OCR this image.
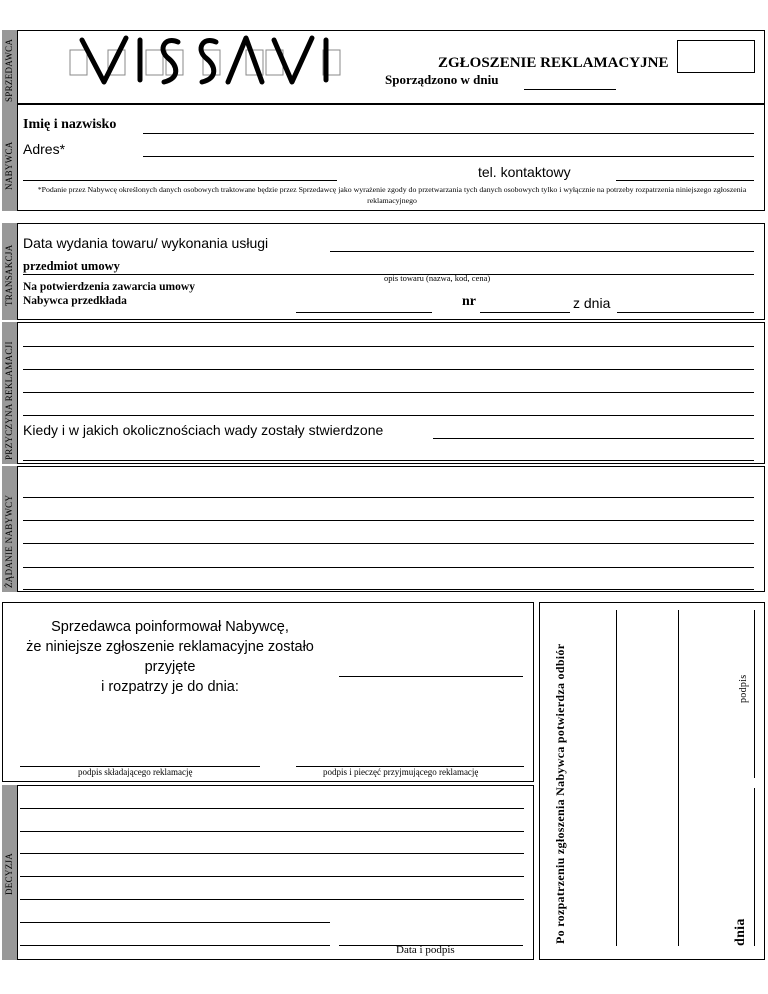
SPRZEDAWCA	ZGŁOSZENIE REKLAMACYJNE
Sporządzono w dniu
NABYWCA
Imię i nazwisko
Adres*
tel. kontaktowy
*Podanie przez Nabywcę określonych danych osobowych traktowane będzie przez Sprzedawcę jako wyrażenie zgody do przetwarzania tych danych osobowych tylko i wyłącznie na potrzeby rozpatrzenia niniejszego zgłoszenia reklamacyjnego
TRANSAKCJA
Data wydania towaru/ wykonania usługi
przedmiot umowy
opis towaru (nazwa, kod, cena)
Na potwierdzenia zawarcia umowy
Nabywca przedkłada	nr	z dnia
PRZYCZYNA REKLAMACJI Kiedy i w jakich okolicznościach wady zostały stwierdzone
ŻĄDANIE NABYWCY
Sprzedawca poinformował Nabywcę,
że niniejsze zgłoszenie reklamacyjne zostało przyjęte
i rozpatrzy je do dnia:
podpis składającego reklamację	podpis i pieczęć przyjmującego reklamację
DECYZJA
Data i podpis
Po rozpatrzeniu zgłoszenia Nabywca potwierdza odbiór	podpis
dnia
